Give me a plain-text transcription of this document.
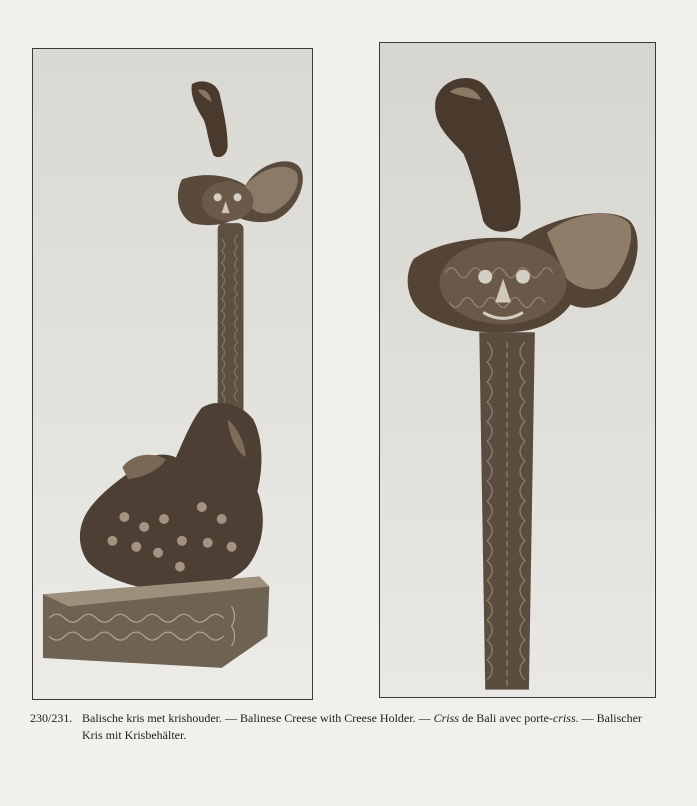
230/231. Balische kris met krishouder. — Balinese Creese with Creese Holder. — Criss de Bali avec porte-criss. — Balischer
Kris mit Krisbehälter.
